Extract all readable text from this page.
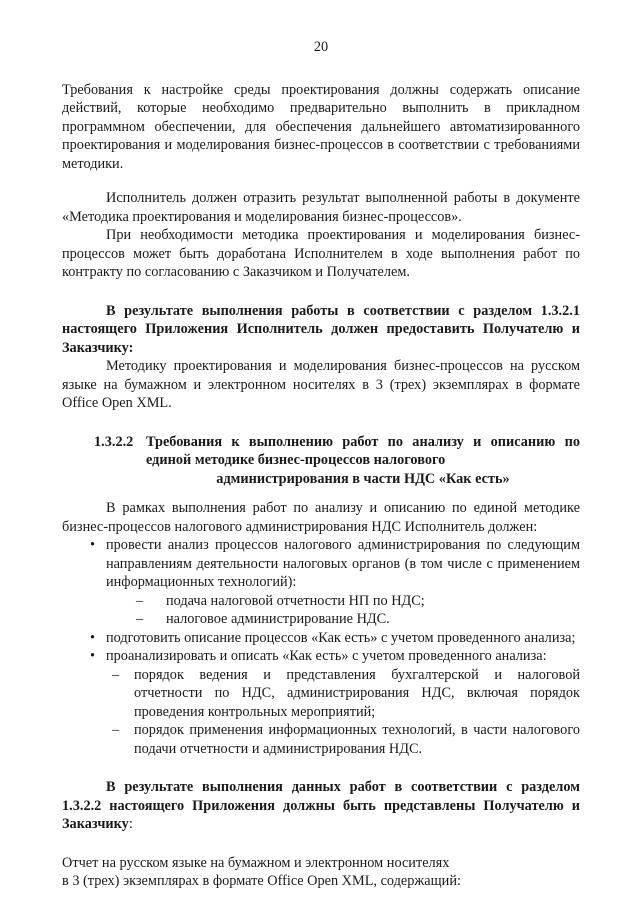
20

Требования к настройке среды проектирования должны содержать описание действий, которые необходимо предварительно выполнить в прикладном программном обеспечении, для обеспечения дальнейшего автоматизированного проектирования и моделирования бизнес-процессов в соответствии с требованиями методики.

Исполнитель должен отразить результат выполненной работы в документе «Методика проектирования и моделирования бизнес-процессов».

При необходимости методика проектирования и моделирования бизнес-процессов может быть доработана Исполнителем в ходе выполнения работ по контракту по согласованию с Заказчиком и Получателем.

В результате выполнения работы в соответствии с разделом 1.3.2.1 настоящего Приложения Исполнитель должен предоставить Получателю и Заказчику:

Методику проектирования и моделирования бизнес-процессов на русском языке на бумажном и электронном носителях в 3 (трех) экземплярах в формате Office Open XML.

1.3.2.2 Требования к выполнению работ по анализу и описанию по единой методике бизнес-процессов налогового
администрирования в части НДС «Как есть»

В рамках выполнения работ по анализу и описанию по единой методике бизнес-процессов налогового администрирования НДС Исполнитель должен:

• провести анализ процессов налогового администрирования по следующим направлениям деятельности налоговых органов (в том числе с применением информационных технологий):
– подача налоговой отчетности НП по НДС;
– налоговое администрирование НДС.
• подготовить описание процессов «Как есть» с учетом проведенного анализа;
• проанализировать и описать «Как есть» с учетом проведенного анализа:
– порядок ведения и представления бухгалтерской и налоговой отчетности по НДС, администрирования НДС, включая порядок проведения контрольных мероприятий;
– порядок применения информационных технологий, в части налогового подачи отчетности и администрирования НДС.

В результате выполнения данных работ в соответствии с разделом 1.3.2.2 настоящего Приложения должны быть представлены Получателю и Заказчику:

Отчет на русском языке на бумажном и электронном носителях
в 3 (трех) экземплярах в формате Office Open XML, содержащий:
